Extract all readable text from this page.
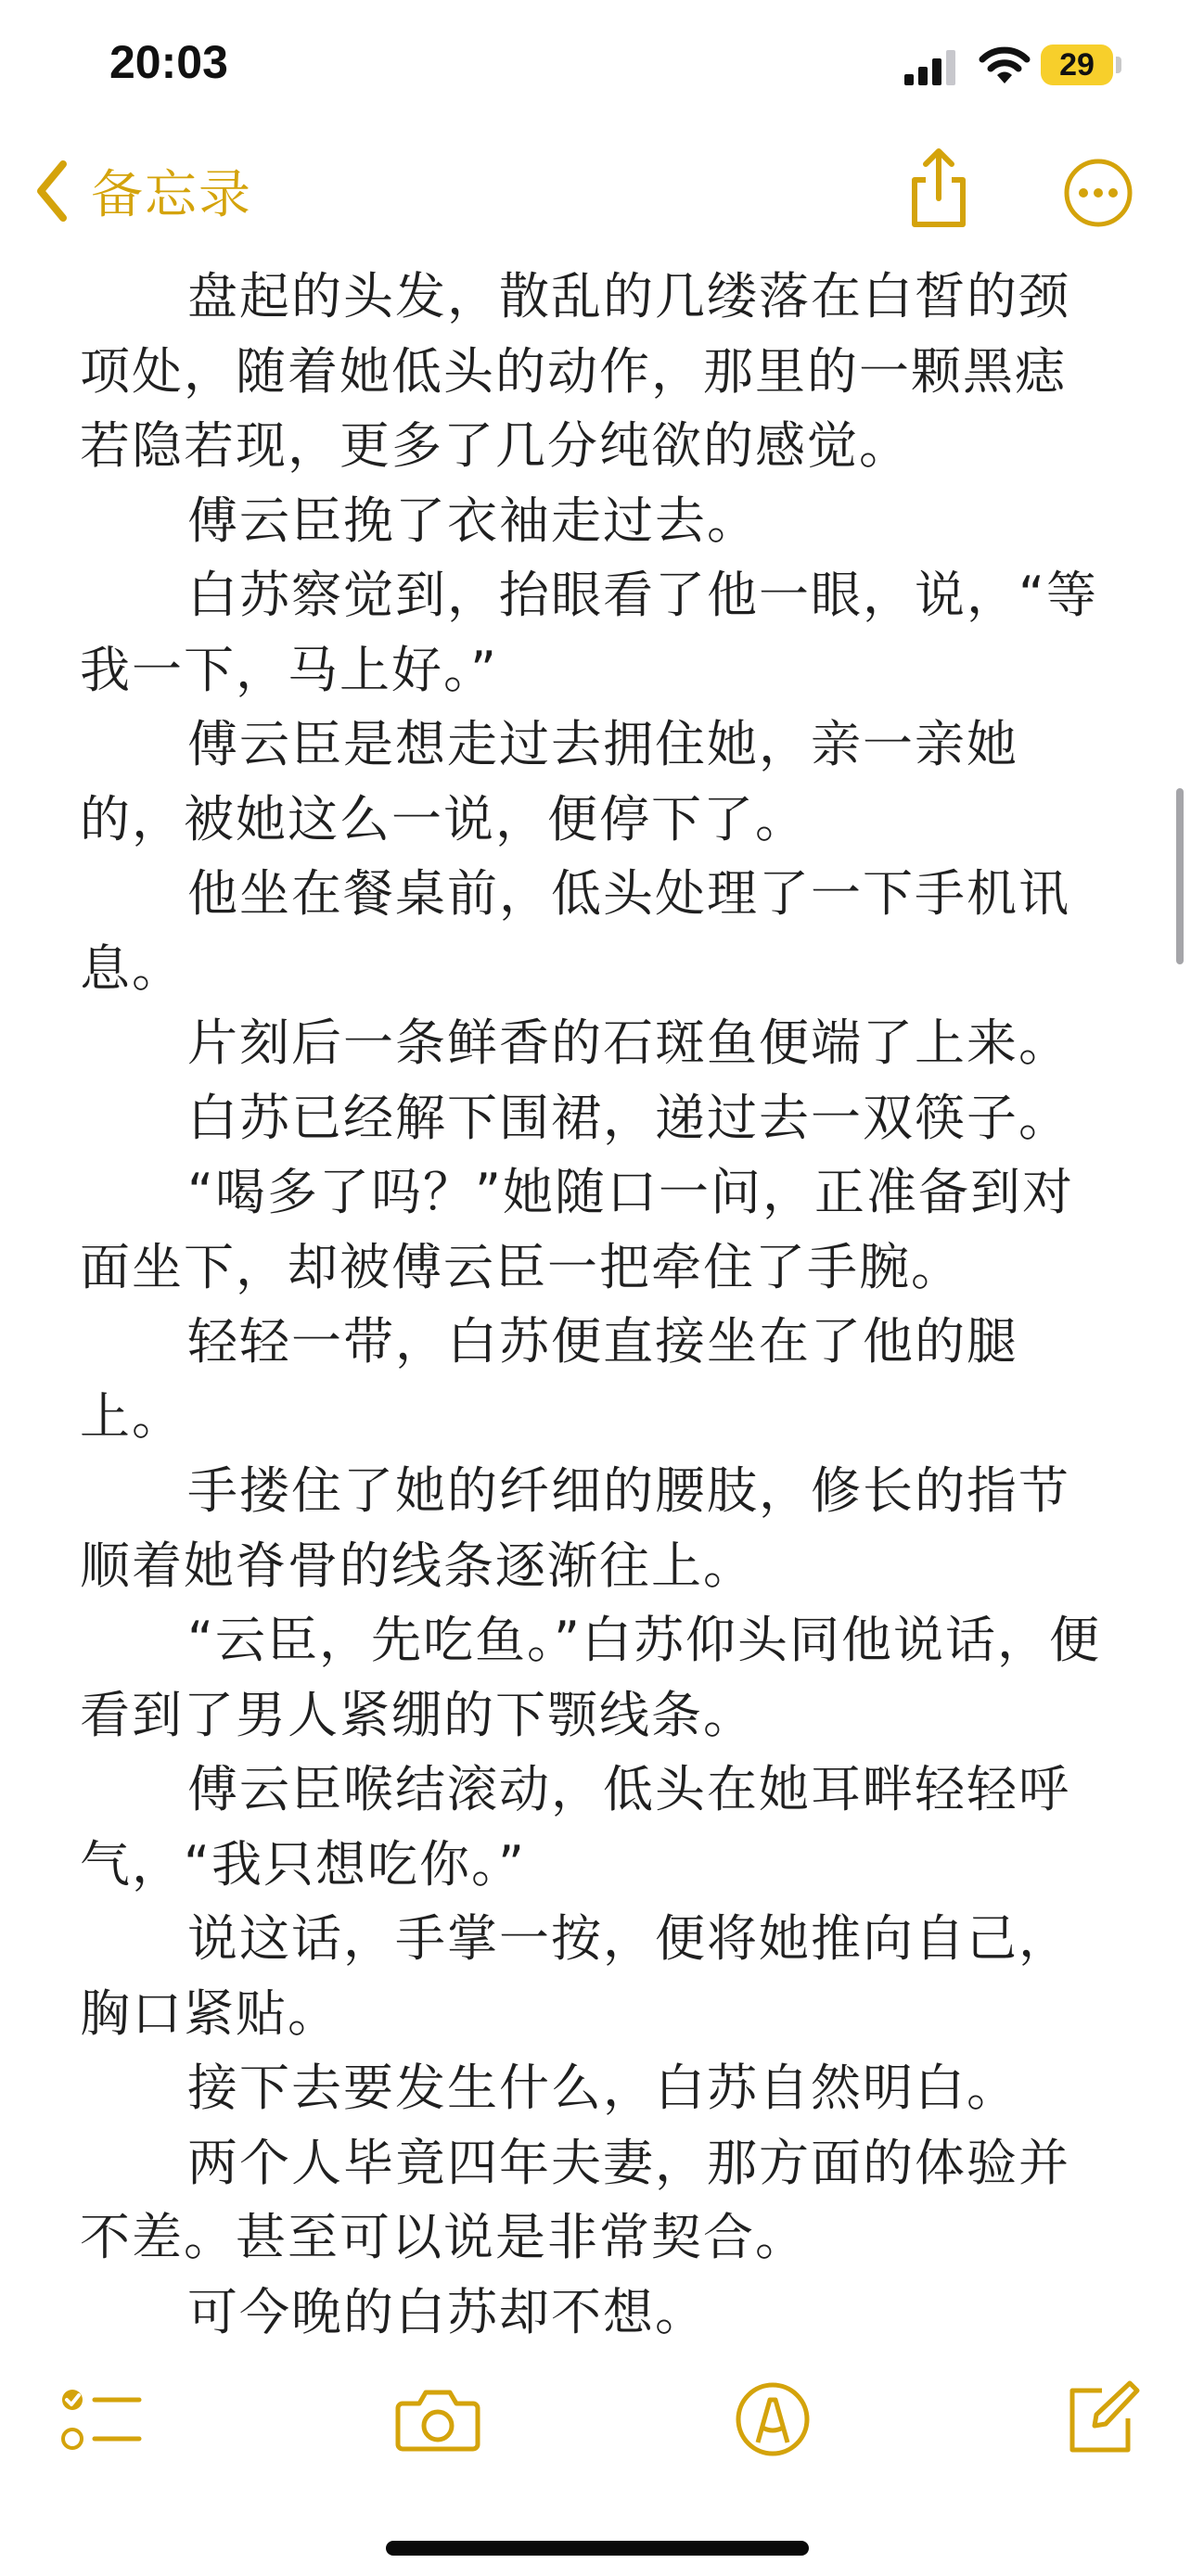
20:03	29
备忘录

盘起的头发，散乱的几缕落在白皙的颈项处，随着她低头的动作，那里的一颗黑痣若隐若现，更多了几分纯欲的感觉。

傅云臣挽了衣袖走过去。

白苏察觉到，抬眼看了他一眼，说，“等我一下，马上好。”

傅云臣是想走过去拥住她，亲一亲她的，被她这么一说，便停下了。

他坐在餐桌前，低头处理了一下手机讯息。

片刻后一条鲜香的石斑鱼便端了上来。

白苏已经解下围裙，递过去一双筷子。

“喝多了吗？”她随口一问，正准备到对面坐下，却被傅云臣一把牵住了手腕。

轻轻一带，白苏便直接坐在了他的腿上。

手搂住了她的纤细的腰肢，修长的指节顺着她脊骨的线条逐渐往上。

“云臣，先吃鱼。”白苏仰头同他说话，便看到了男人紧绷的下颚线条。

傅云臣喉结滚动，低头在她耳畔轻轻呼气，“我只想吃你。”

说这话，手掌一按，便将她推向自己，胸口紧贴。

接下去要发生什么，白苏自然明白。

两个人毕竟四年夫妻，那方面的体验并不差。甚至可以说是非常契合。

可今晚的白苏却不想。
